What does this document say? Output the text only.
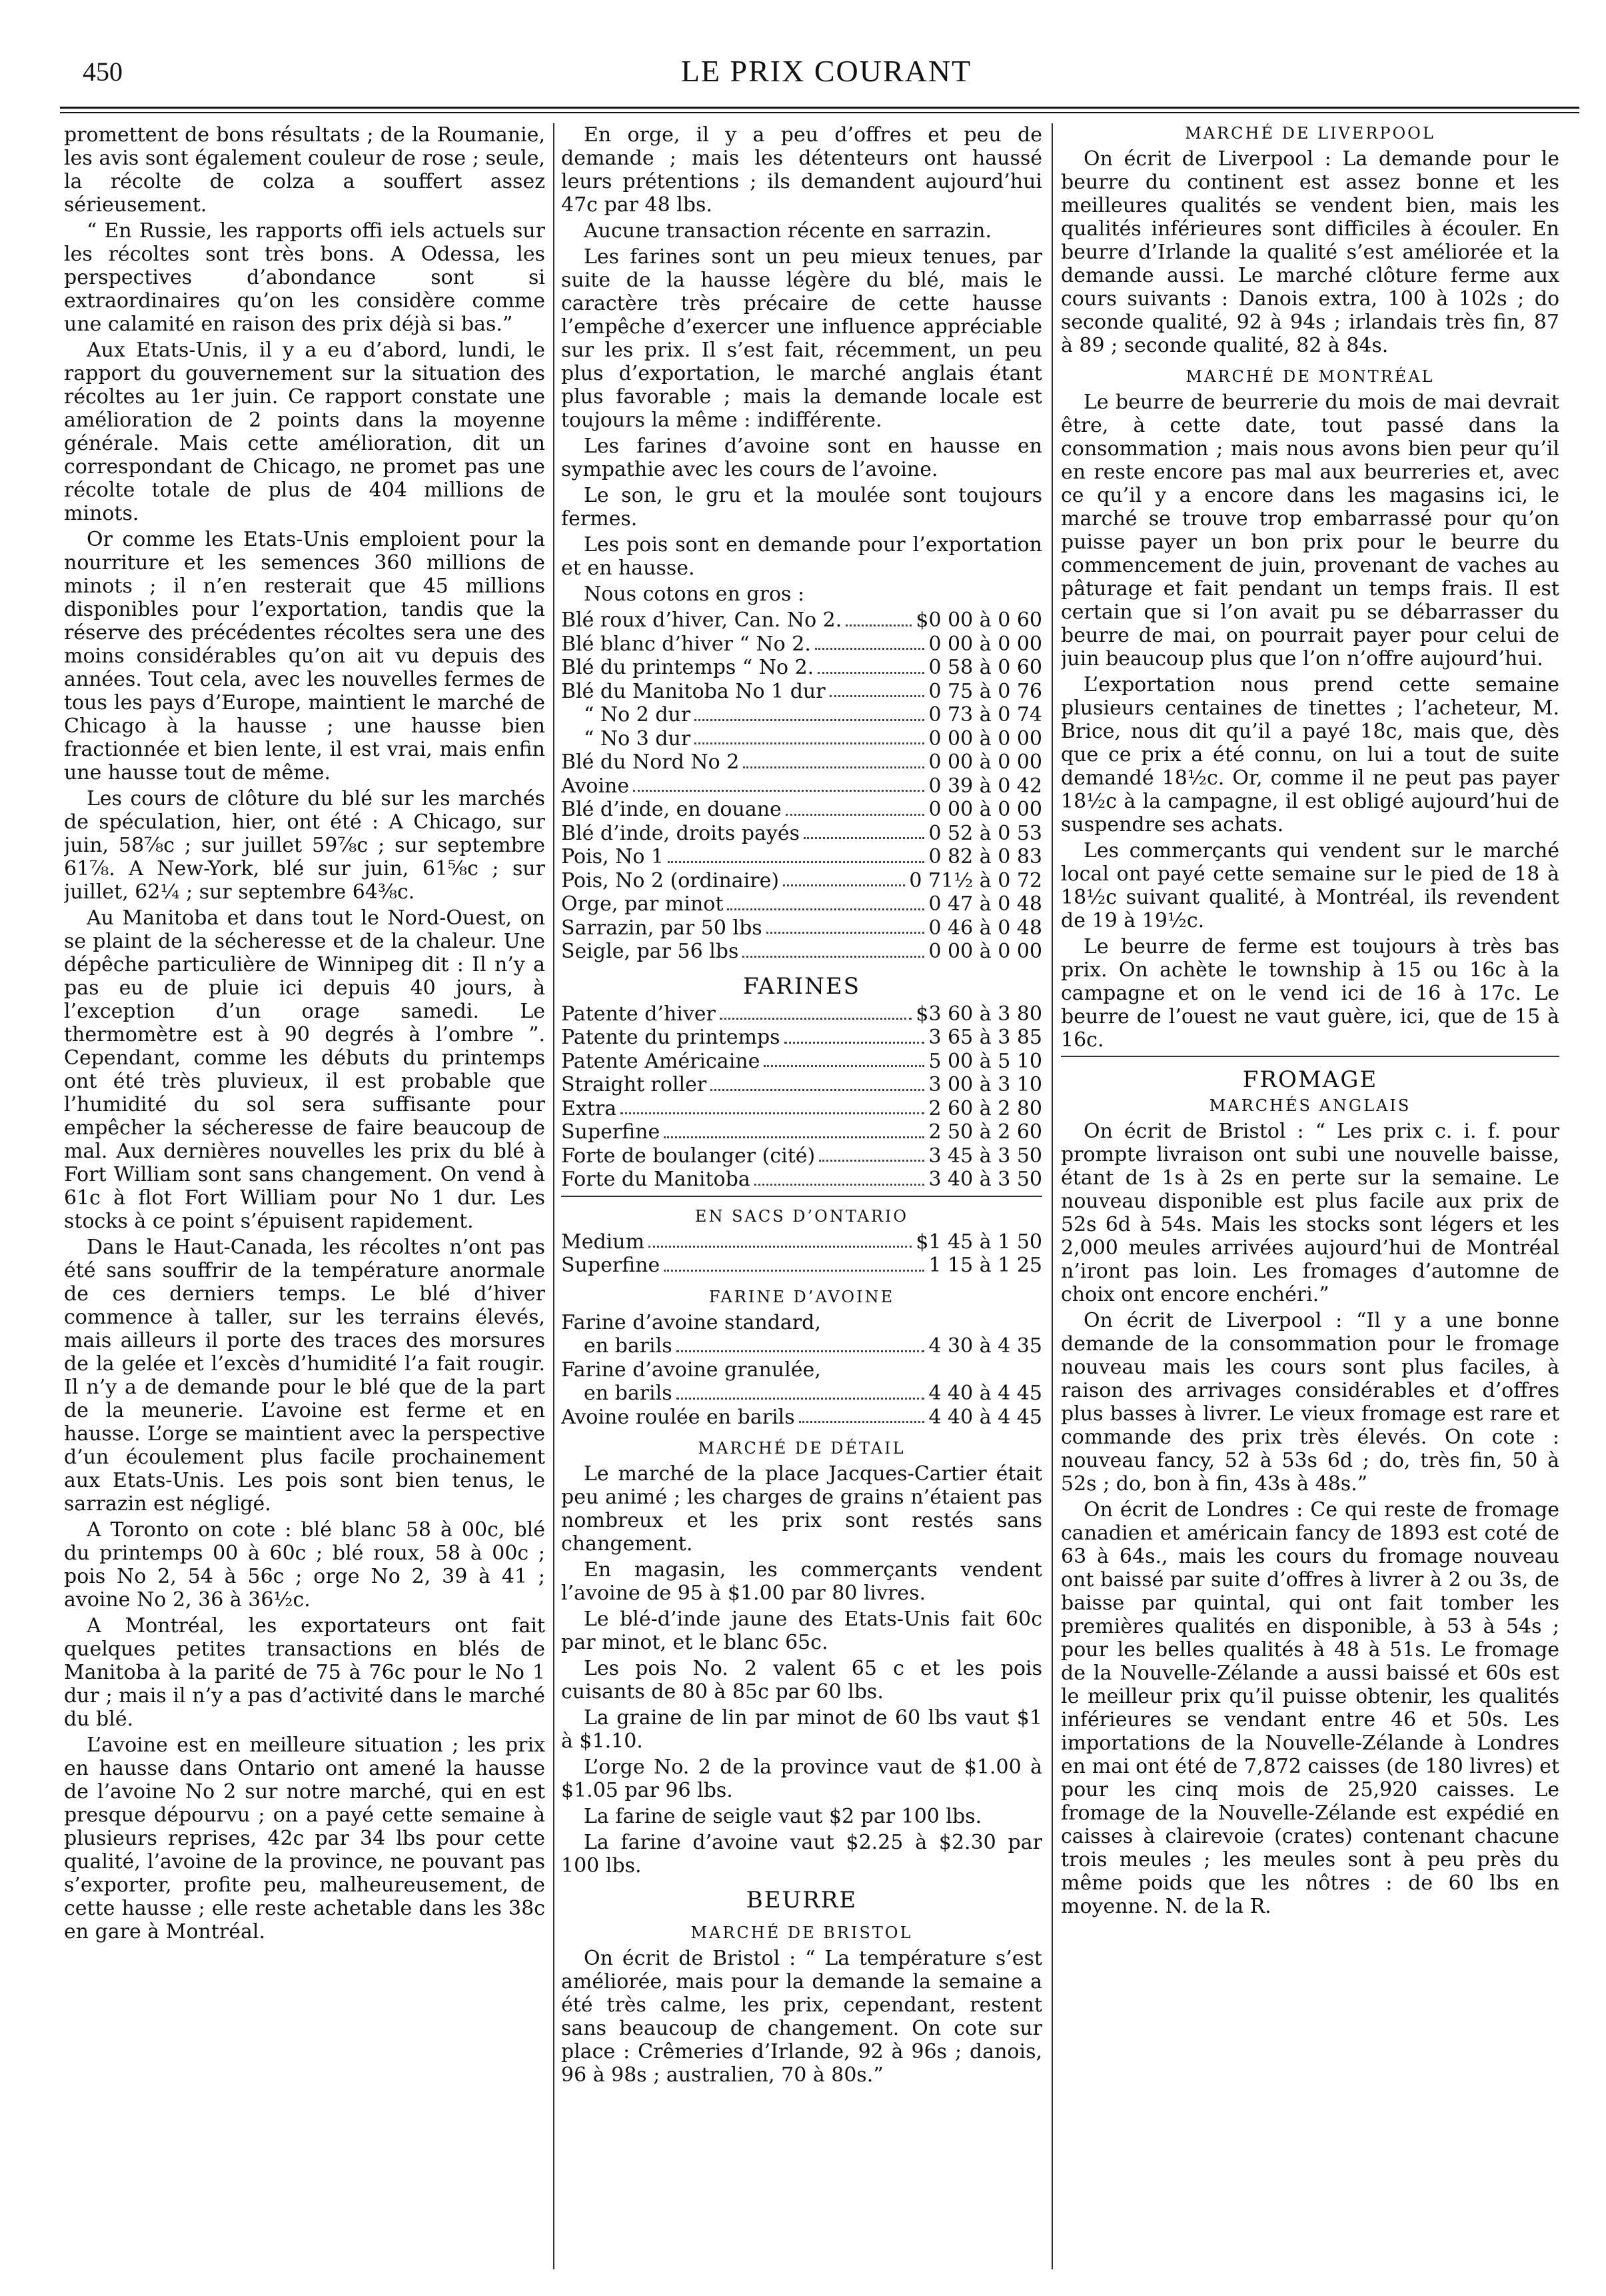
450	LE PRIX COURANT

promettent de bons résultats ; de la Roumanie, les avis sont également couleur de rose ; seule, la récolte de colza a souffert assez sérieusement.

“ En Russie, les rapports offi iels actuels sur les récoltes sont très bons. A Odessa, les perspectives d’abondance sont si extraordinaires qu’on les considère comme une calamité en raison des prix déjà si bas.”

Aux Etats-Unis, il y a eu d’abord, lundi, le rapport du gouvernement sur la situation des récoltes au 1er juin. Ce rapport constate une amélioration de 2 points dans la moyenne générale. Mais cette amélioration, dit un correspondant de Chicago, ne promet pas une récolte totale de plus de 404 millions de minots.

Or comme les Etats-Unis emploient pour la nourriture et les semences 360 millions de minots ; il n’en resterait que 45 millions disponibles pour l’exportation, tandis que la réserve des précédentes récoltes sera une des moins considérables qu’on ait vu depuis des années. Tout cela, avec les nouvelles fermes de tous les pays d’Europe, maintient le marché de Chicago à la hausse ; une hausse bien fractionnée et bien lente, il est vrai, mais enfin une hausse tout de même.

Les cours de clôture du blé sur les marchés de spéculation, hier, ont été : A Chicago, sur juin, 58⅞c ; sur juillet 59⅞c ; sur septembre 61⅞. A New-York, blé sur juin, 61⅝c ; sur juillet, 62¼ ; sur septembre 64⅜c.

Au Manitoba et dans tout le Nord-Ouest, on se plaint de la sécheresse et de la chaleur. Une dépêche particulière de Winnipeg dit : Il n’y a pas eu de pluie ici depuis 40 jours, à l’exception d’un orage samedi. Le thermomètre est à 90 degrés à l’ombre ”. Cependant, comme les débuts du printemps ont été très pluvieux, il est probable que l’humidité du sol sera suffisante pour empêcher la sécheresse de faire beaucoup de mal. Aux dernières nouvelles les prix du blé à Fort William sont sans changement. On vend à 61c à flot Fort William pour No 1 dur. Les stocks à ce point s’épuisent rapidement.

Dans le Haut-Canada, les récoltes n’ont pas été sans souffrir de la température anormale de ces derniers temps. Le blé d’hiver commence à taller, sur les terrains élevés, mais ailleurs il porte des traces des morsures de la gelée et l’excès d’humidité l’a fait rougir. Il n’y a de demande pour le blé que de la part de la meunerie. L’avoine est ferme et en hausse. L’orge se maintient avec la perspective d’un écoulement plus facile prochainement aux Etats-Unis. Les pois sont bien tenus, le sarrazin est négligé.

A Toronto on cote : blé blanc 58 à 00c, blé du printemps 00 à 60c ; blé roux, 58 à 00c ; pois No 2, 54 à 56c ; orge No 2, 39 à 41 ; avoine No 2, 36 à 36½c.

A Montréal, les exportateurs ont fait quelques petites transactions en blés de Manitoba à la parité de 75 à 76c pour le No 1 dur ; mais il n’y a pas d’activité dans le marché du blé.

L’avoine est en meilleure situation ; les prix en hausse dans Ontario ont amené la hausse de l’avoine No 2 sur notre marché, qui en est presque dépourvu ; on a payé cette semaine à plusieurs reprises, 42c par 34 lbs pour cette qualité, l’avoine de la province, ne pouvant pas s’exporter, profite peu, malheureusement, de cette hausse ; elle reste achetable dans les 38c en gare à Montréal.

En orge, il y a peu d’offres et peu de demande ; mais les détenteurs ont haussé leurs prétentions ; ils demandent aujourd’hui 47c par 48 lbs.

Aucune transaction récente en sarrazin.

Les farines sont un peu mieux tenues, par suite de la hausse légère du blé, mais le caractère très précaire de cette hausse l’empêche d’exercer une influence appréciable sur les prix. Il s’est fait, récemment, un peu plus d’exportation, le marché anglais étant plus favorable ; mais la demande locale est toujours la même : indifférente.

Les farines d’avoine sont en hausse en sympathie avec les cours de l’avoine.

Le son, le gru et la moulée sont toujours fermes.

Les pois sont en demande pour l’exportation et en hausse.

Nous cotons en gros :

Blé roux d’hiver, Can. No 2.	$0 00 à 0 60
Blé blanc d’hiver “ No 2.	0 00 à 0 00
Blé du printemps “ No 2.	0 58 à 0 60
Blé du Manitoba No 1 dur	0 75 à 0 76
“ No 2 dur	0 73 à 0 74
“ No 3 dur	0 00 à 0 00
Blé du Nord No 2	0 00 à 0 00
Avoine	0 39 à 0 42
Blé d’inde, en douane	0 00 à 0 00
Blé d’inde, droits payés	0 52 à 0 53
Pois, No 1	0 82 à 0 83
Pois, No 2 (ordinaire)	0 71½ à 0 72
Orge, par minot	0 47 à 0 48
Sarrazin, par 50 lbs	0 46 à 0 48
Seigle, par 56 lbs	0 00 à 0 00
FARINES
Patente d’hiver	$3 60 à 3 80
Patente du printemps	3 65 à 3 85
Patente Américaine	5 00 à 5 10
Straight roller	3 00 à 3 10
Extra	2 60 à 2 80
Superfine	2 50 à 2 60
Forte de boulanger (cité)	3 45 à 3 50
Forte du Manitoba	3 40 à 3 50
EN SACS D’ONTARIO
Medium	$1 45 à 1 50
Superfine	1 15 à 1 25
FARINE D’AVOINE
Farine d’avoine standard,
en barils	4 30 à 4 35
Farine d’avoine granulée,
en barils	4 40 à 4 45
Avoine roulée en barils	4 40 à 4 45
MARCHÉ DE DÉTAIL

Le marché de la place Jacques-Cartier était peu animé ; les charges de grains n’étaient pas nombreux et les prix sont restés sans changement.

En magasin, les commerçants vendent l’avoine de 95 à $1.00 par 80 livres.

Le blé-d’inde jaune des Etats-Unis fait 60c par minot, et le blanc 65c.

Les pois No. 2 valent 65 c et les pois cuisants de 80 à 85c par 60 lbs.

La graine de lin par minot de 60 lbs vaut $1 à $1.10.

L’orge No. 2 de la province vaut de $1.00 à $1.05 par 96 lbs.

La farine de seigle vaut $2 par 100 lbs.

La farine d’avoine vaut $2.25 à $2.30 par 100 lbs.

BEURRE
MARCHÉ DE BRISTOL

On écrit de Bristol : “ La température s’est améliorée, mais pour la demande la semaine a été très calme, les prix, cependant, restent sans beaucoup de changement. On cote sur place : Crêmeries d’Irlande, 92 à 96s ; danois, 96 à 98s ; australien, 70 à 80s.”

MARCHÉ DE LIVERPOOL

On écrit de Liverpool : La demande pour le beurre du continent est assez bonne et les meilleures qualités se vendent bien, mais les qualités inférieures sont difficiles à écouler. En beurre d’Irlande la qualité s’est améliorée et la demande aussi. Le marché clôture ferme aux cours suivants : Danois extra, 100 à 102s ; do seconde qualité, 92 à 94s ; irlandais très fin, 87 à 89 ; seconde qualité, 82 à 84s.

MARCHÉ DE MONTRÉAL

Le beurre de beurrerie du mois de mai devrait être, à cette date, tout passé dans la consommation ; mais nous avons bien peur qu’il en reste encore pas mal aux beurreries et, avec ce qu’il y a encore dans les magasins ici, le marché se trouve trop embarrassé pour qu’on puisse payer un bon prix pour le beurre du commencement de juin, provenant de vaches au pâturage et fait pendant un temps frais. Il est certain que si l’on avait pu se débarrasser du beurre de mai, on pourrait payer pour celui de juin beaucoup plus que l’on n’offre aujourd’hui.

L’exportation nous prend cette semaine plusieurs centaines de tinettes ; l’acheteur, M. Brice, nous dit qu’il a payé 18c, mais que, dès que ce prix a été connu, on lui a tout de suite demandé 18½c. Or, comme il ne peut pas payer 18½c à la campagne, il est obligé aujourd’hui de suspendre ses achats.

Les commerçants qui vendent sur le marché local ont payé cette semaine sur le pied de 18 à 18½c suivant qualité, à Montréal, ils revendent de 19 à 19½c.

Le beurre de ferme est toujours à très bas prix. On achète le township à 15 ou 16c à la campagne et on le vend ici de 16 à 17c. Le beurre de l’ouest ne vaut guère, ici, que de 15 à 16c.

FROMAGE
MARCHÉS ANGLAIS

On écrit de Bristol : “ Les prix c. i. f. pour prompte livraison ont subi une nouvelle baisse, étant de 1s à 2s en perte sur la semaine. Le nouveau disponible est plus facile aux prix de 52s 6d à 54s. Mais les stocks sont légers et les 2,000 meules arrivées aujourd’hui de Montréal n’iront pas loin. Les fromages d’automne de choix ont encore enchéri.”

On écrit de Liverpool : “Il y a une bonne demande de la consommation pour le fromage nouveau mais les cours sont plus faciles, à raison des arrivages considérables et d’offres plus basses à livrer. Le vieux fromage est rare et commande des prix très élevés. On cote : nouveau fancy, 52 à 53s 6d ; do, très fin, 50 à 52s ; do, bon à fin, 43s à 48s.”

On écrit de Londres : Ce qui reste de fromage canadien et américain fancy de 1893 est coté de 63 à 64s., mais les cours du fromage nouveau ont baissé par suite d’offres à livrer à 2 ou 3s, de baisse par quintal, qui ont fait tomber les premières qualités en disponible, à 53 à 54s ; pour les belles qualités à 48 à 51s. Le fromage de la Nouvelle-Zélande a aussi baissé et 60s est le meilleur prix qu’il puisse obtenir, les qualités inférieures se vendant entre 46 et 50s. Les importations de la Nouvelle-Zélande à Londres en mai ont été de 7,872 caisses (de 180 livres) et pour les cinq mois de 25,920 caisses. Le fromage de la Nouvelle-Zélande est expédié en caisses à clairevoie (crates) contenant chacune trois meules ; les meules sont à peu près du même poids que les nôtres : de 60 lbs en moyenne. N. de la R.
